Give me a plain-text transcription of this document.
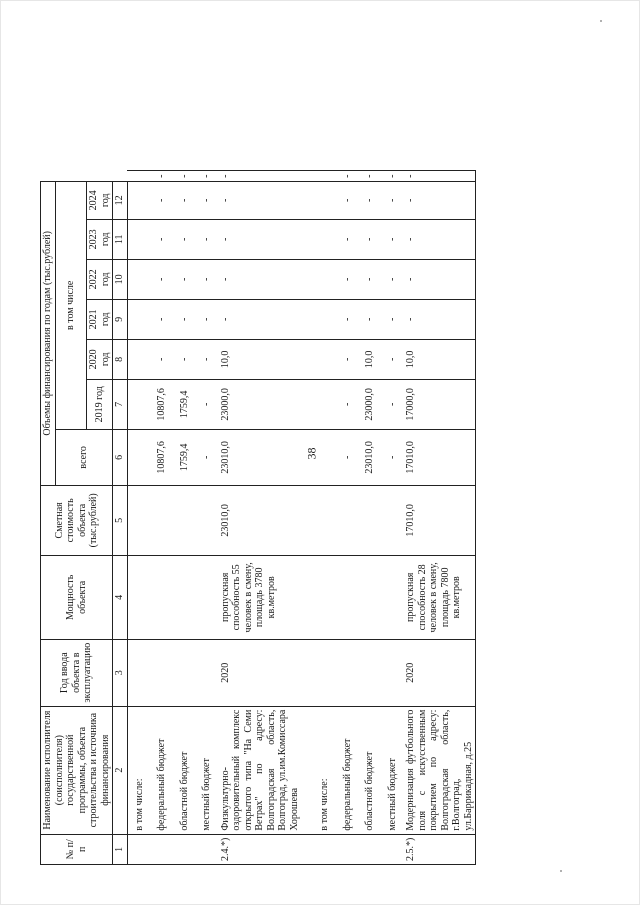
38
№ п/п	Наименование исполнителя (соисполнителя) государственной программы, объекта строительства и источника финансирования	Год ввода объекта в эксплуатацию	Мощность объекта	Сметная стоимость объекта (тыс.рублей)	Объемы финансирования по годам (тыс.рублей)							
					всего	в том числе						
						2019 год	2020 год	2021 год	2022 год	2023 год	2024 год	
1	2	3	4	5	6	7	8	9	10	11	12	
	в том числе:											
	федеральный бюджет				10807,6	10807,6	-	-	-	-	-	-
	областной бюджет				1759,4	1759,4	-	-	-	-	-	-
	местный бюджет				-	-	-	-	-	-	-	-
2.4.*)	Физкультурно-оздоровительный комплекс открытого типа "На Семи Ветрах" по адресу: Волгоградская область, Волгоград, ул.им.Комиссара Хорошева	2020	пропускная способность 55 человек в смену, площадь 3780 кв.метров	23010,0	23010,0	23000,0	10,0	-	-	-	-	-
	в том числе:											
	федеральный бюджет				-	-	-	-	-	-	-	-
	областной бюджет				23010,0	23000,0	10,0	-	-	-	-	-
	местный бюджет				-	-	-	-	-	-	-	-
2.5.*)	Модернизация футбольного поля с искусственным покрытием по адресу: Волгоградская область, г.Волгоград, ул.Баррикадная, д.25	2020	пропускная способность 28 человек в смену, площадь 7800 кв.метров	17010,0	17010,0	17000,0	10,0	-	-	-	-	-
